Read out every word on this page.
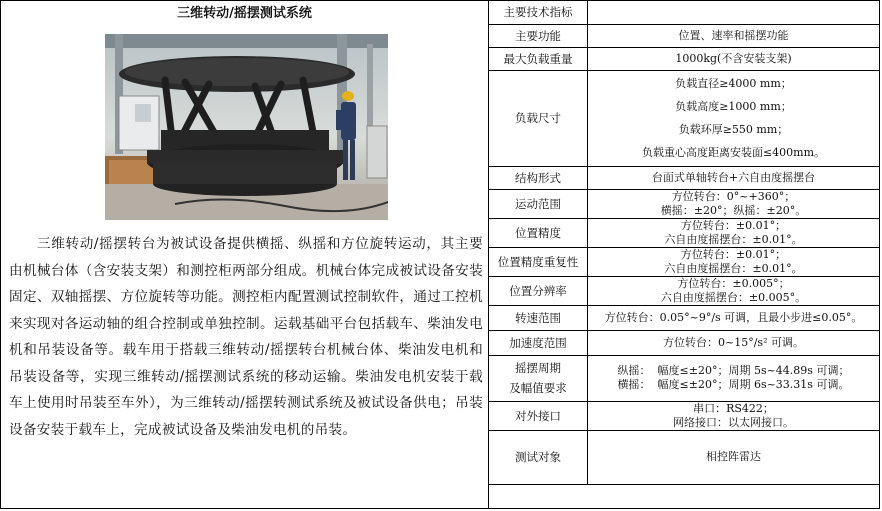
三维转动/摇摆测试系统
三维转动/摇摆转台为被试设备提供横摇、纵摇和方位旋转运动，其主要由机械台体（含安装支架）和测控柜两部分组成。机械台体完成被试设备安装固定、双轴摇摆、方位旋转等功能。测控柜内配置测试控制软件，通过工控机来实现对各运动轴的组合控制或单独控制。运载基础平台包括载车、柴油发电机和吊装设备等。载车用于搭载三维转动/摇摆转台机械台体、柴油发电机和吊装设备等，实现三维转动/摇摆测试系统的移动运输。柴油发电机安装于载车上使用时吊装至车外），为三维转动/摇摆转测试系统及被试设备供电；吊装设备安装于载车上，完成被试设备及柴油发电机的吊装。
主要技术指标	
主要功能	位置、速率和摇摆功能

最大负载重量	1000kg(不含安装支架)

负载尺寸	负载直径≥4000 mm；
负载高度≥1000 mm；
负载环厚≥550 mm；
负载重心高度距离安装面≤400mm。

结构形式	台面式单轴转台+六自由度摇摆台

运动范围	方位转台：0°~+360°；
横摇：±20°；纵摇：±20°。

位置精度	方位转台：±0.01°；
六自由度摇摆台：±0.01°。

位置精度重复性	方位转台：±0.01°；
六自由度摇摆台：±0.01°。

位置分辨率	方位转台：±0.005°；
六自由度摇摆台：±0.005°。

转速范围	方位转台：0.05°~9°/s 可调，且最小步进≤0.05°。

加速度范围	方位转台：0~15°/s² 可调。

摇摆周期
及幅值要求	纵摇：  幅度≤±20°；周期 5s~44.89s 可调；
横摇：  幅度≤±20°；周期 6s~33.31s 可调。

对外接口	串口：RS422；
网络接口：以太网接口。

测试对象	相控阵雷达
